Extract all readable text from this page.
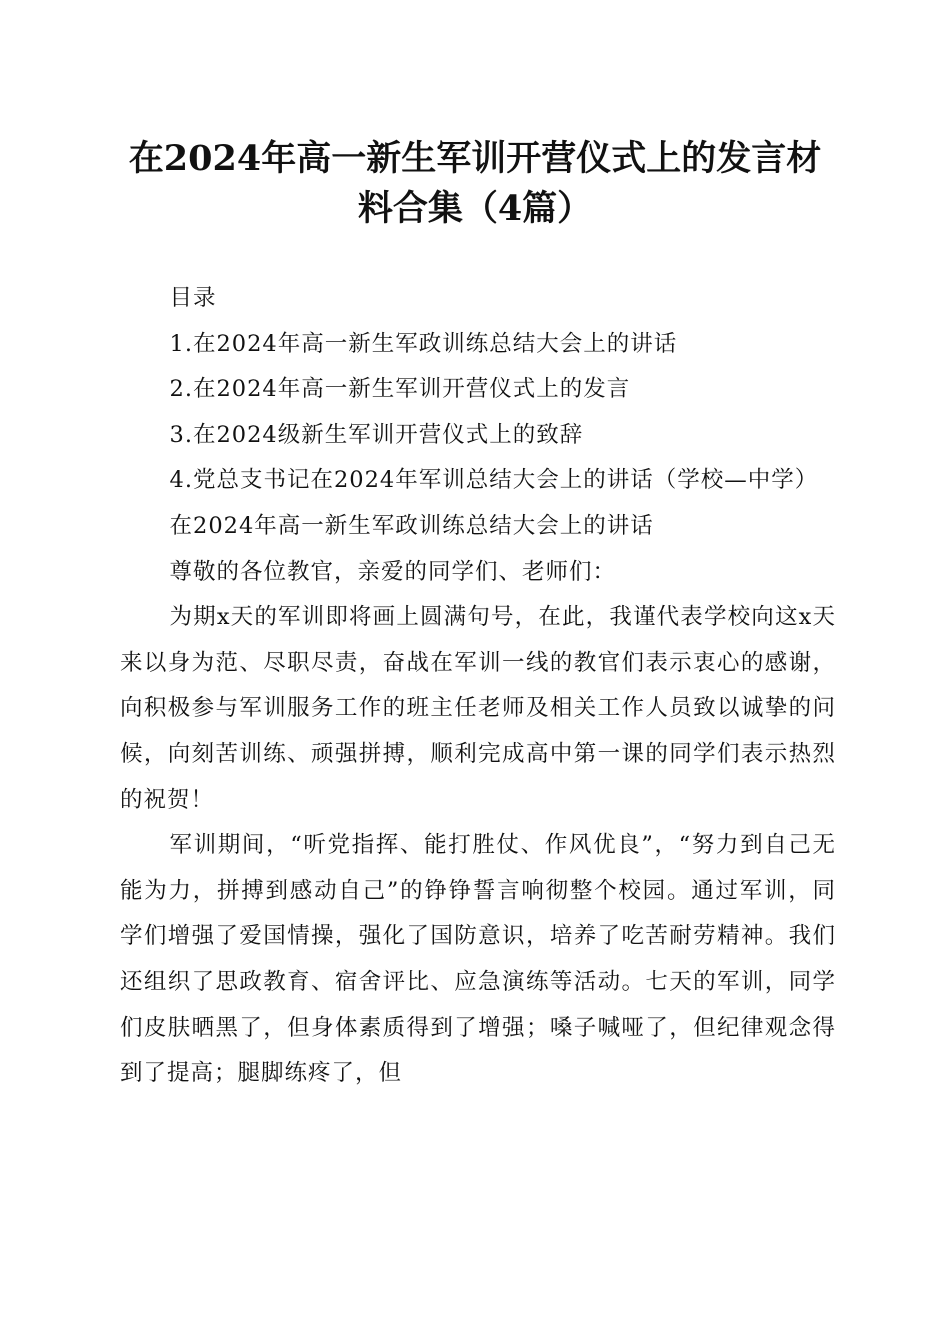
在2024年高一新生军训开营仪式上的发言材
料合集（4篇）

目录

1.在2024年高一新生军政训练总结大会上的讲话

2.在2024年高一新生军训开营仪式上的发言

3.在2024级新生军训开营仪式上的致辞

4.党总支书记在2024年军训总结大会上的讲话（学校—中学）

在2024年高一新生军政训练总结大会上的讲话

尊敬的各位教官，亲爱的同学们、老师们：

为期x天的军训即将画上圆满句号，在此，我谨代表学校向这x天来以身为范、尽职尽责，奋战在军训一线的教官们表示衷心的感谢，向积极参与军训服务工作的班主任老师及相关工作人员致以诚挚的问候，向刻苦训练、顽强拼搏，顺利完成高中第一课的同学们表示热烈的祝贺！

军训期间，“听党指挥、能打胜仗、作风优良”，“努力到自己无能为力，拼搏到感动自己”的铮铮誓言响彻整个校园。通过军训，同学们增强了爱国情操，强化了国防意识，培养了吃苦耐劳精神。我们还组织了思政教育、宿舍评比、应急演练等活动。七天的军训，同学们皮肤晒黑了，但身体素质得到了增强；嗓子喊哑了，但纪律观念得到了提高；腿脚练疼了，但
